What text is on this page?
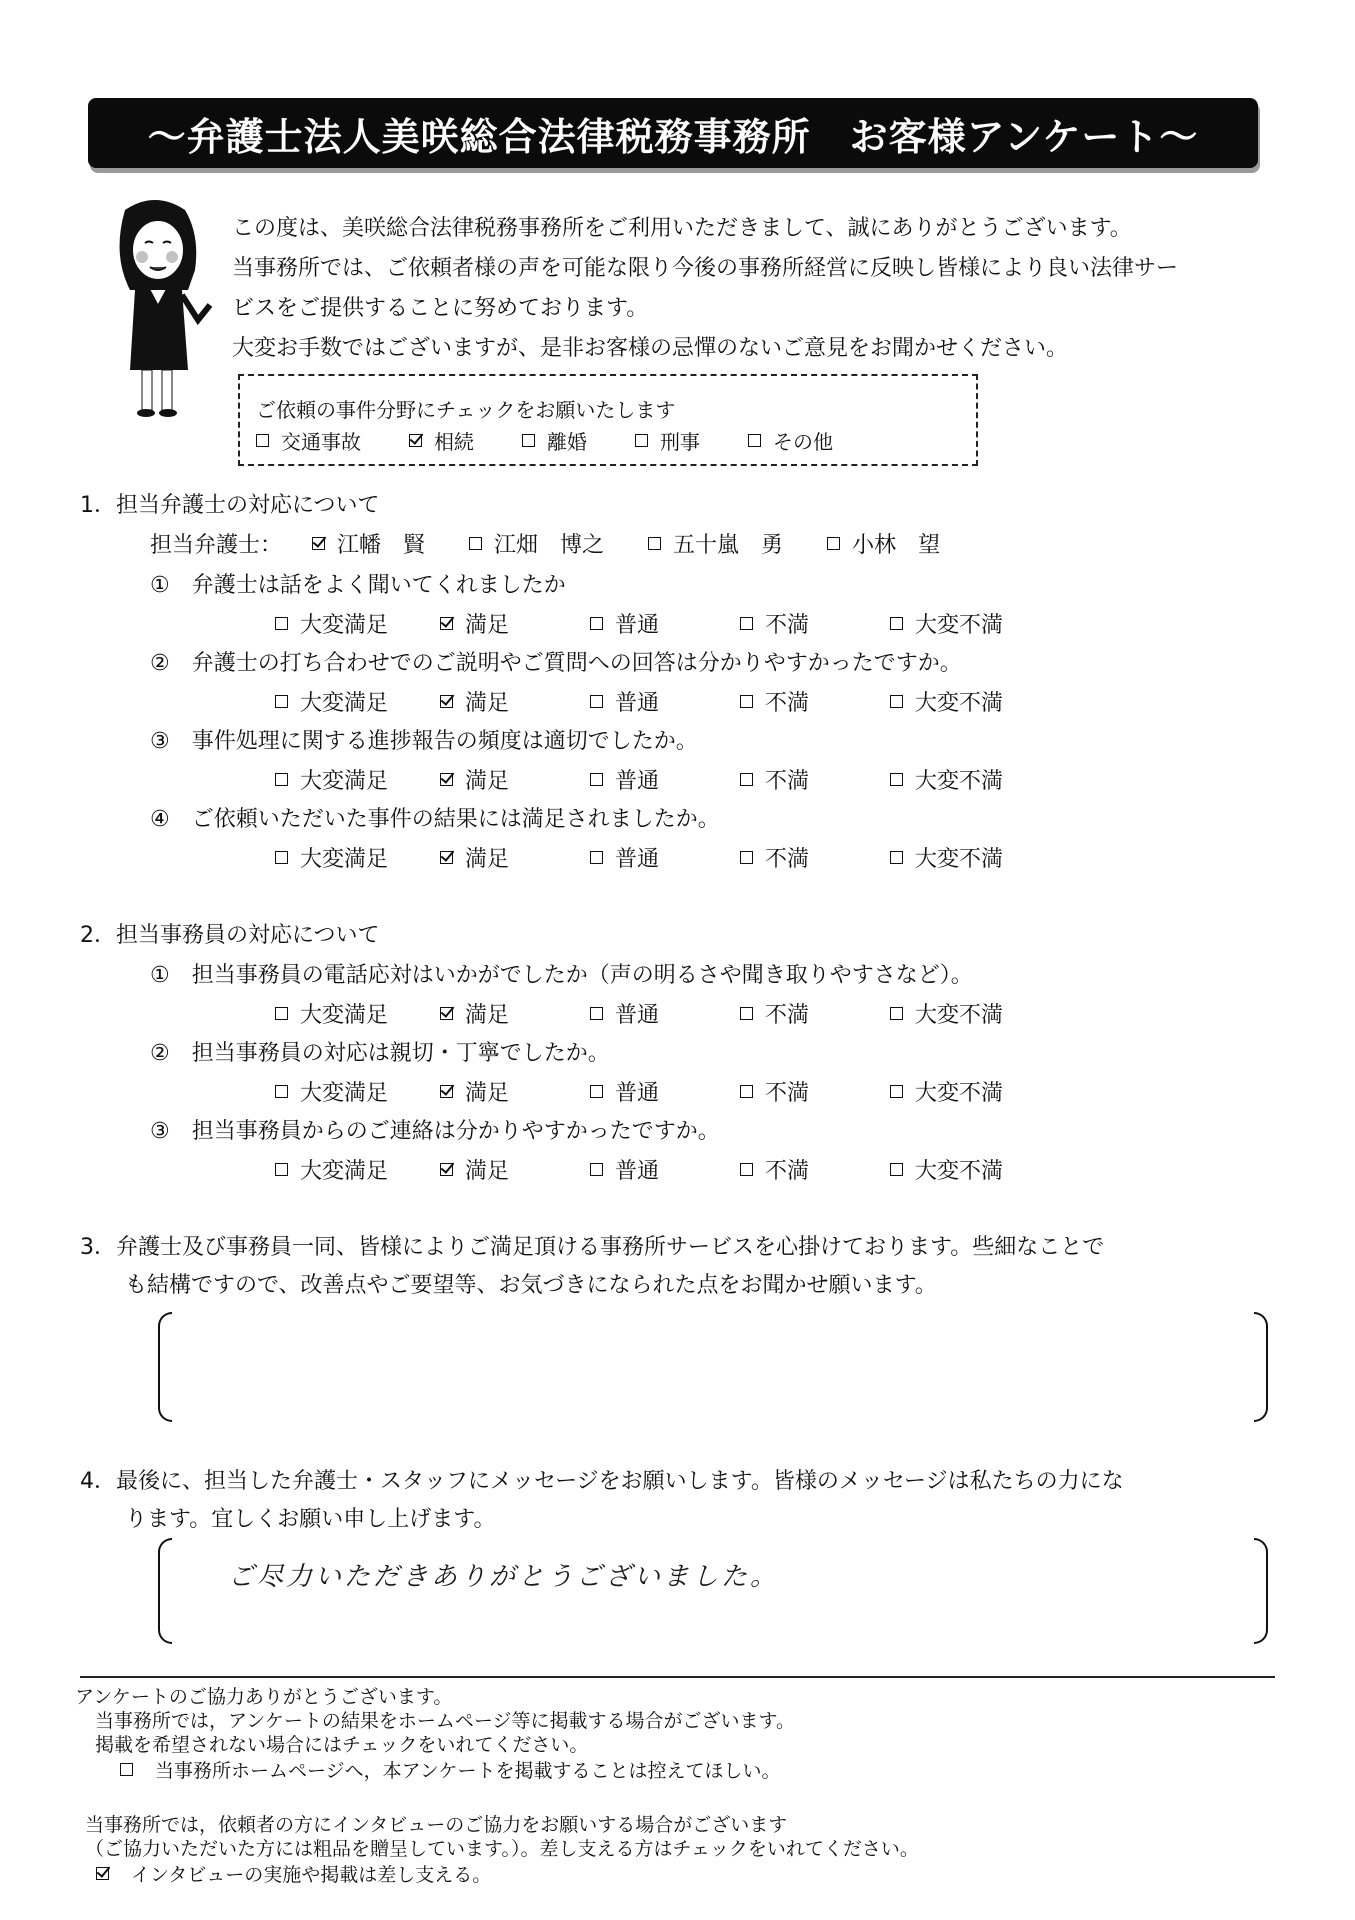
～弁護士法人美咲総合法律税務事務所　お客様アンケート～
この度は、美咲総合法律税務事務所をご利用いただきまして、誠にありがとうございます。
当事務所では、ご依頼者様の声を可能な限り今後の事務所経営に反映し皆様により良い法律サー
ビスをご提供することに努めております。
大変お手数ではございますが、是非お客様の忌憚のないご意見をお聞かせください。
ご依頼の事件分野にチェックをお願いたします
交通事故	相続	離婚	刑事	その他
1．担当弁護士の対応について
担当弁護士：	江幡　賢	江畑　博之	五十嵐　勇	小林　望
①　 弁護士は話をよく聞いてくれましたか
大変満足	満足	普通	不満	大変不満
②　 弁護士の打ち合わせでのご説明やご質問への回答は分かりやすかったですか。
大変満足	満足	普通	不満	大変不満
③　 事件処理に関する進捗報告の頻度は適切でしたか。
大変満足	満足	普通	不満	大変不満
④　 ご依頼いただいた事件の結果には満足されましたか。
大変満足	満足	普通	不満	大変不満
2．担当事務員の対応について
①　 担当事務員の電話応対はいかがでしたか（声の明るさや聞き取りやすさなど）。
大変満足	満足	普通	不満	大変不満
②　 担当事務員の対応は親切・丁寧でしたか。
大変満足	満足	普通	不満	大変不満
③　 担当事務員からのご連絡は分かりやすかったですか。
大変満足	満足	普通	不満	大変不満
3．弁護士及び事務員一同、皆様によりご満足頂ける事務所サービスを心掛けております。些細なことで
も結構ですので、改善点やご要望等、お気づきになられた点をお聞かせ願います。
4．最後に、担当した弁護士・スタッフにメッセージをお願いします。皆様のメッセージは私たちの力にな
ります。宜しくお願い申し上げます。
ご尽力いただきありがとうございました。
アンケートのご協力ありがとうございます。
当事務所では，アンケートの結果をホームページ等に掲載する場合がございます。
掲載を希望されない場合にはチェックをいれてください。
当事務所ホームページへ，本アンケートを掲載することは控えてほしい。
当事務所では，依頼者の方にインタビューのご協力をお願いする場合がございます
（ご協力いただいた方には粗品を贈呈しています。）。差し支える方はチェックをいれてください。
インタビューの実施や掲載は差し支える。
